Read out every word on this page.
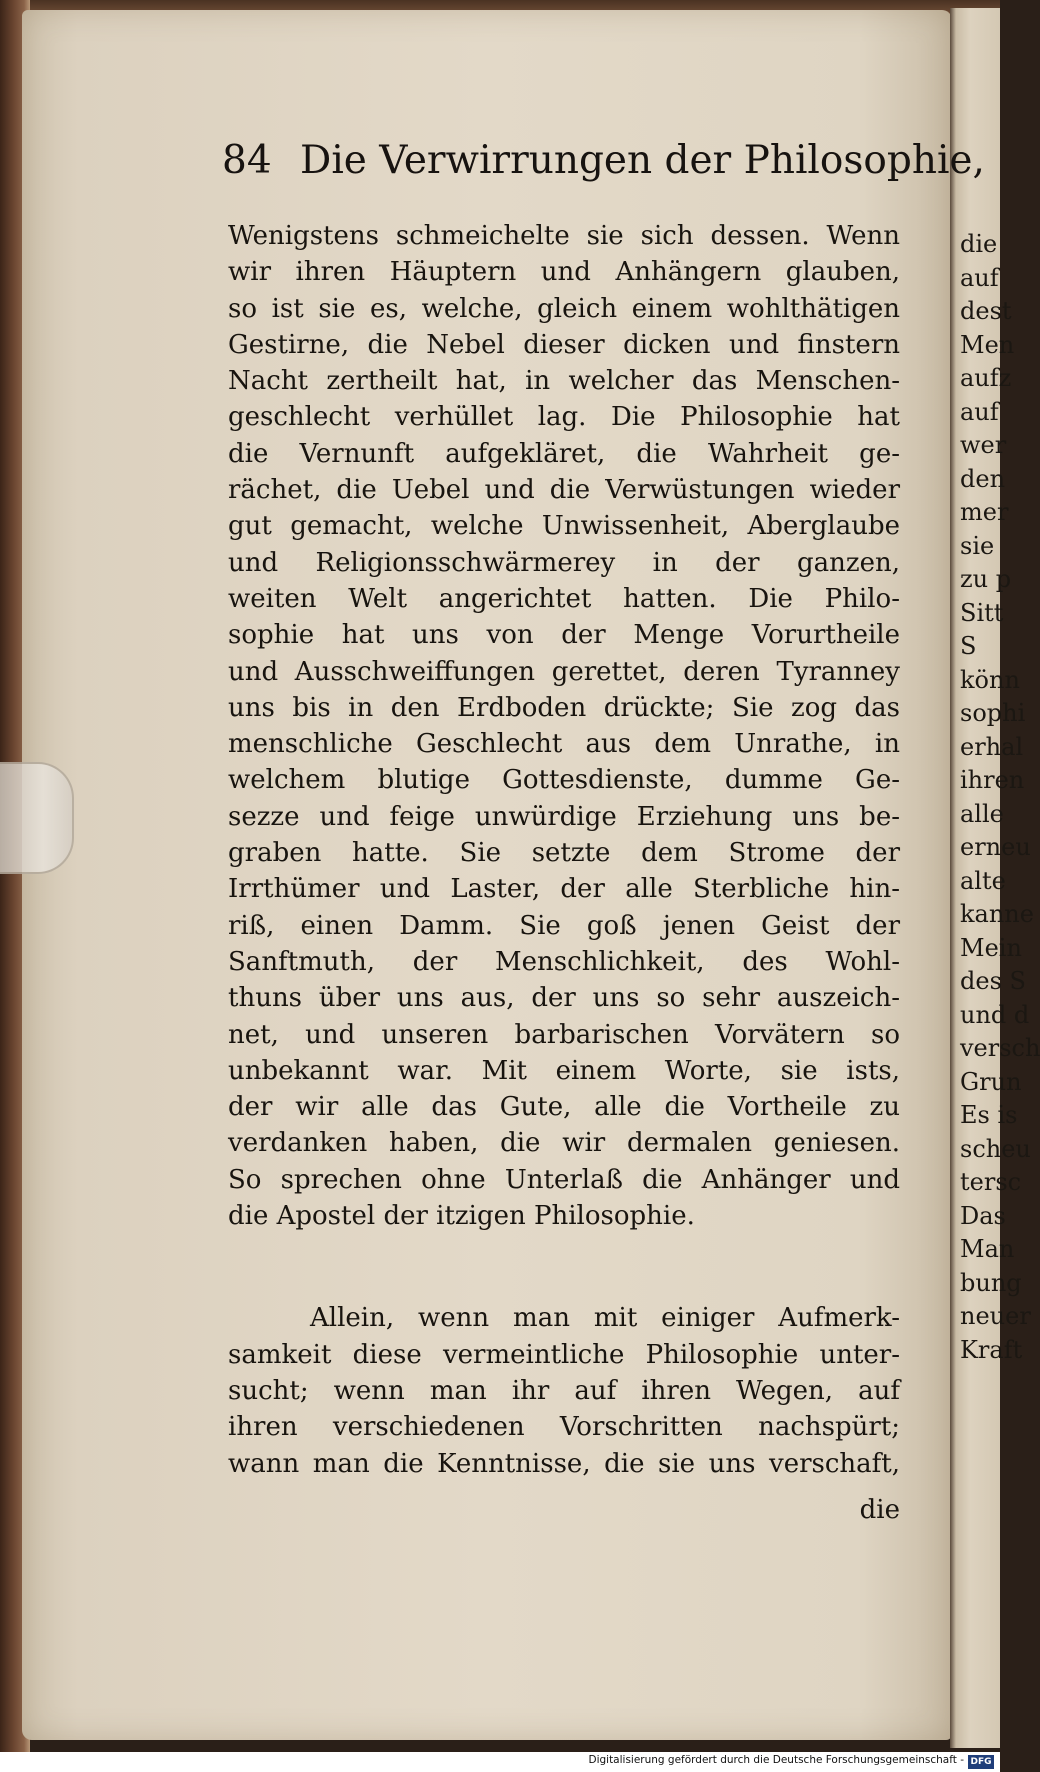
die
auf
dest
Men
aufz
auf
wer
den
mer
sie
zu p
Sitt
S
könn
sophi
erhal
ihren
alle
erneu
alte
kanne
Mein
des S
und d
versch
Grun
Es is
scheu
tersc
Das
Man
bung
neuer
Kraft
84 Die Verwirrungen der Philosophie,
Wenigstens schmeichelte sie sich dessen. Wenn
wir ihren Häuptern und Anhängern glauben,
so ist sie es, welche, gleich einem wohlthätigen
Gestirne, die Nebel dieser dicken und finstern
Nacht zertheilt hat, in welcher das Menschen-
geschlecht verhüllet lag. Die Philosophie hat
die Vernunft aufgekläret, die Wahrheit ge-
rächet, die Uebel und die Verwüstungen wieder
gut gemacht, welche Unwissenheit, Aberglaube
und Religionsschwärmerey in der ganzen,
weiten Welt angerichtet hatten. Die Philo-
sophie hat uns von der Menge Vorurtheile
und Ausschweiffungen gerettet, deren Tyranney
uns bis in den Erdboden drückte; Sie zog das
menschliche Geschlecht aus dem Unrathe, in
welchem blutige Gottesdienste, dumme Ge-
sezze und feige unwürdige Erziehung uns be-
graben hatte. Sie setzte dem Strome der
Irrthümer und Laster, der alle Sterbliche hin-
riß, einen Damm. Sie goß jenen Geist der
Sanftmuth, der Menschlichkeit, des Wohl-
thuns über uns aus, der uns so sehr auszeich-
net, und unseren barbarischen Vorvätern so
unbekannt war. Mit einem Worte, sie ists,
der wir alle das Gute, alle die Vortheile zu
verdanken haben, die wir dermalen geniesen.
So sprechen ohne Unterlaß die Anhänger und
die Apostel der itzigen Philosophie.
Allein, wenn man mit einiger Aufmerk-
samkeit diese vermeintliche Philosophie unter-
sucht; wenn man ihr auf ihren Wegen, auf
ihren verschiedenen Vorschritten nachspürt;
wann man die Kenntnisse, die sie uns verschaft,
die
Digitalisierung gefördert durch die Deutsche Forschungsgemeinschaft - DFG
